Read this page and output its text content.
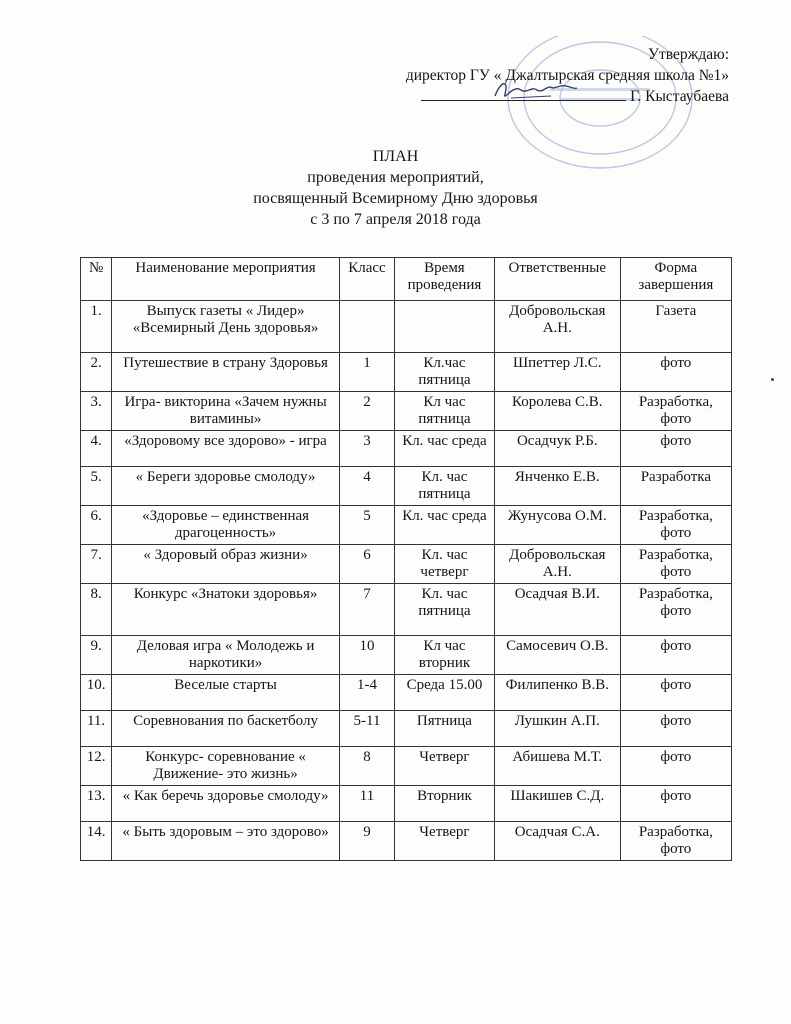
Утверждаю:
директор ГУ « Джалтырская средняя школа №1»
Г. Кыстаубаева
ПЛАН
проведения мероприятий,
посвященный Всемирному Дню здоровья
с 3 по 7 апреля 2018 года
№	Наименование мероприятия	Класс	Время проведения	Ответственные	Форма завершения
1.	Выпуск газеты « Лидер» «Всемирный День здоровья»			Добровольская А.Н.	Газета
2.	Путешествие в страну Здоровья	1	Кл.час пятница	Шпеттер Л.С.	фото
3.	Игра- викторина «Зачем нужны витамины»	2	Кл час пятница	Королева С.В.	Разработка, фото
4.	«Здоровому все здорово» - игра	3	Кл. час среда	Осадчук Р.Б.	фото
5.	« Береги здоровье смолоду»	4	Кл. час пятница	Янченко Е.В.	Разработка
6.	«Здоровье – единственная драгоценность»	5	Кл. час среда	Жунусова О.М.	Разработка, фото
7.	« Здоровый образ жизни»	6	Кл. час четверг	Добровольская А.Н.	Разработка, фото
8.	Конкурс «Знатоки здоровья»	7	Кл. час пятница	Осадчая В.И.	Разработка, фото
9.	Деловая игра « Молодежь и наркотики»	10	Кл час вторник	Самосевич О.В.	фото
10.	Веселые старты	1-4	Среда 15.00	Филипенко В.В.	фото
11.	Соревнования по баскетболу	5-11	Пятница	Лушкин А.П.	фото
12.	Конкурс- соревнование « Движение- это жизнь»	8	Четверг	Абишева М.Т.	фото
13.	« Как беречь здоровье смолоду»	11	Вторник	Шакишев С.Д.	фото
14.	« Быть здоровым – это здорово»	9	Четверг	Осадчая С.А.	Разработка, фото
